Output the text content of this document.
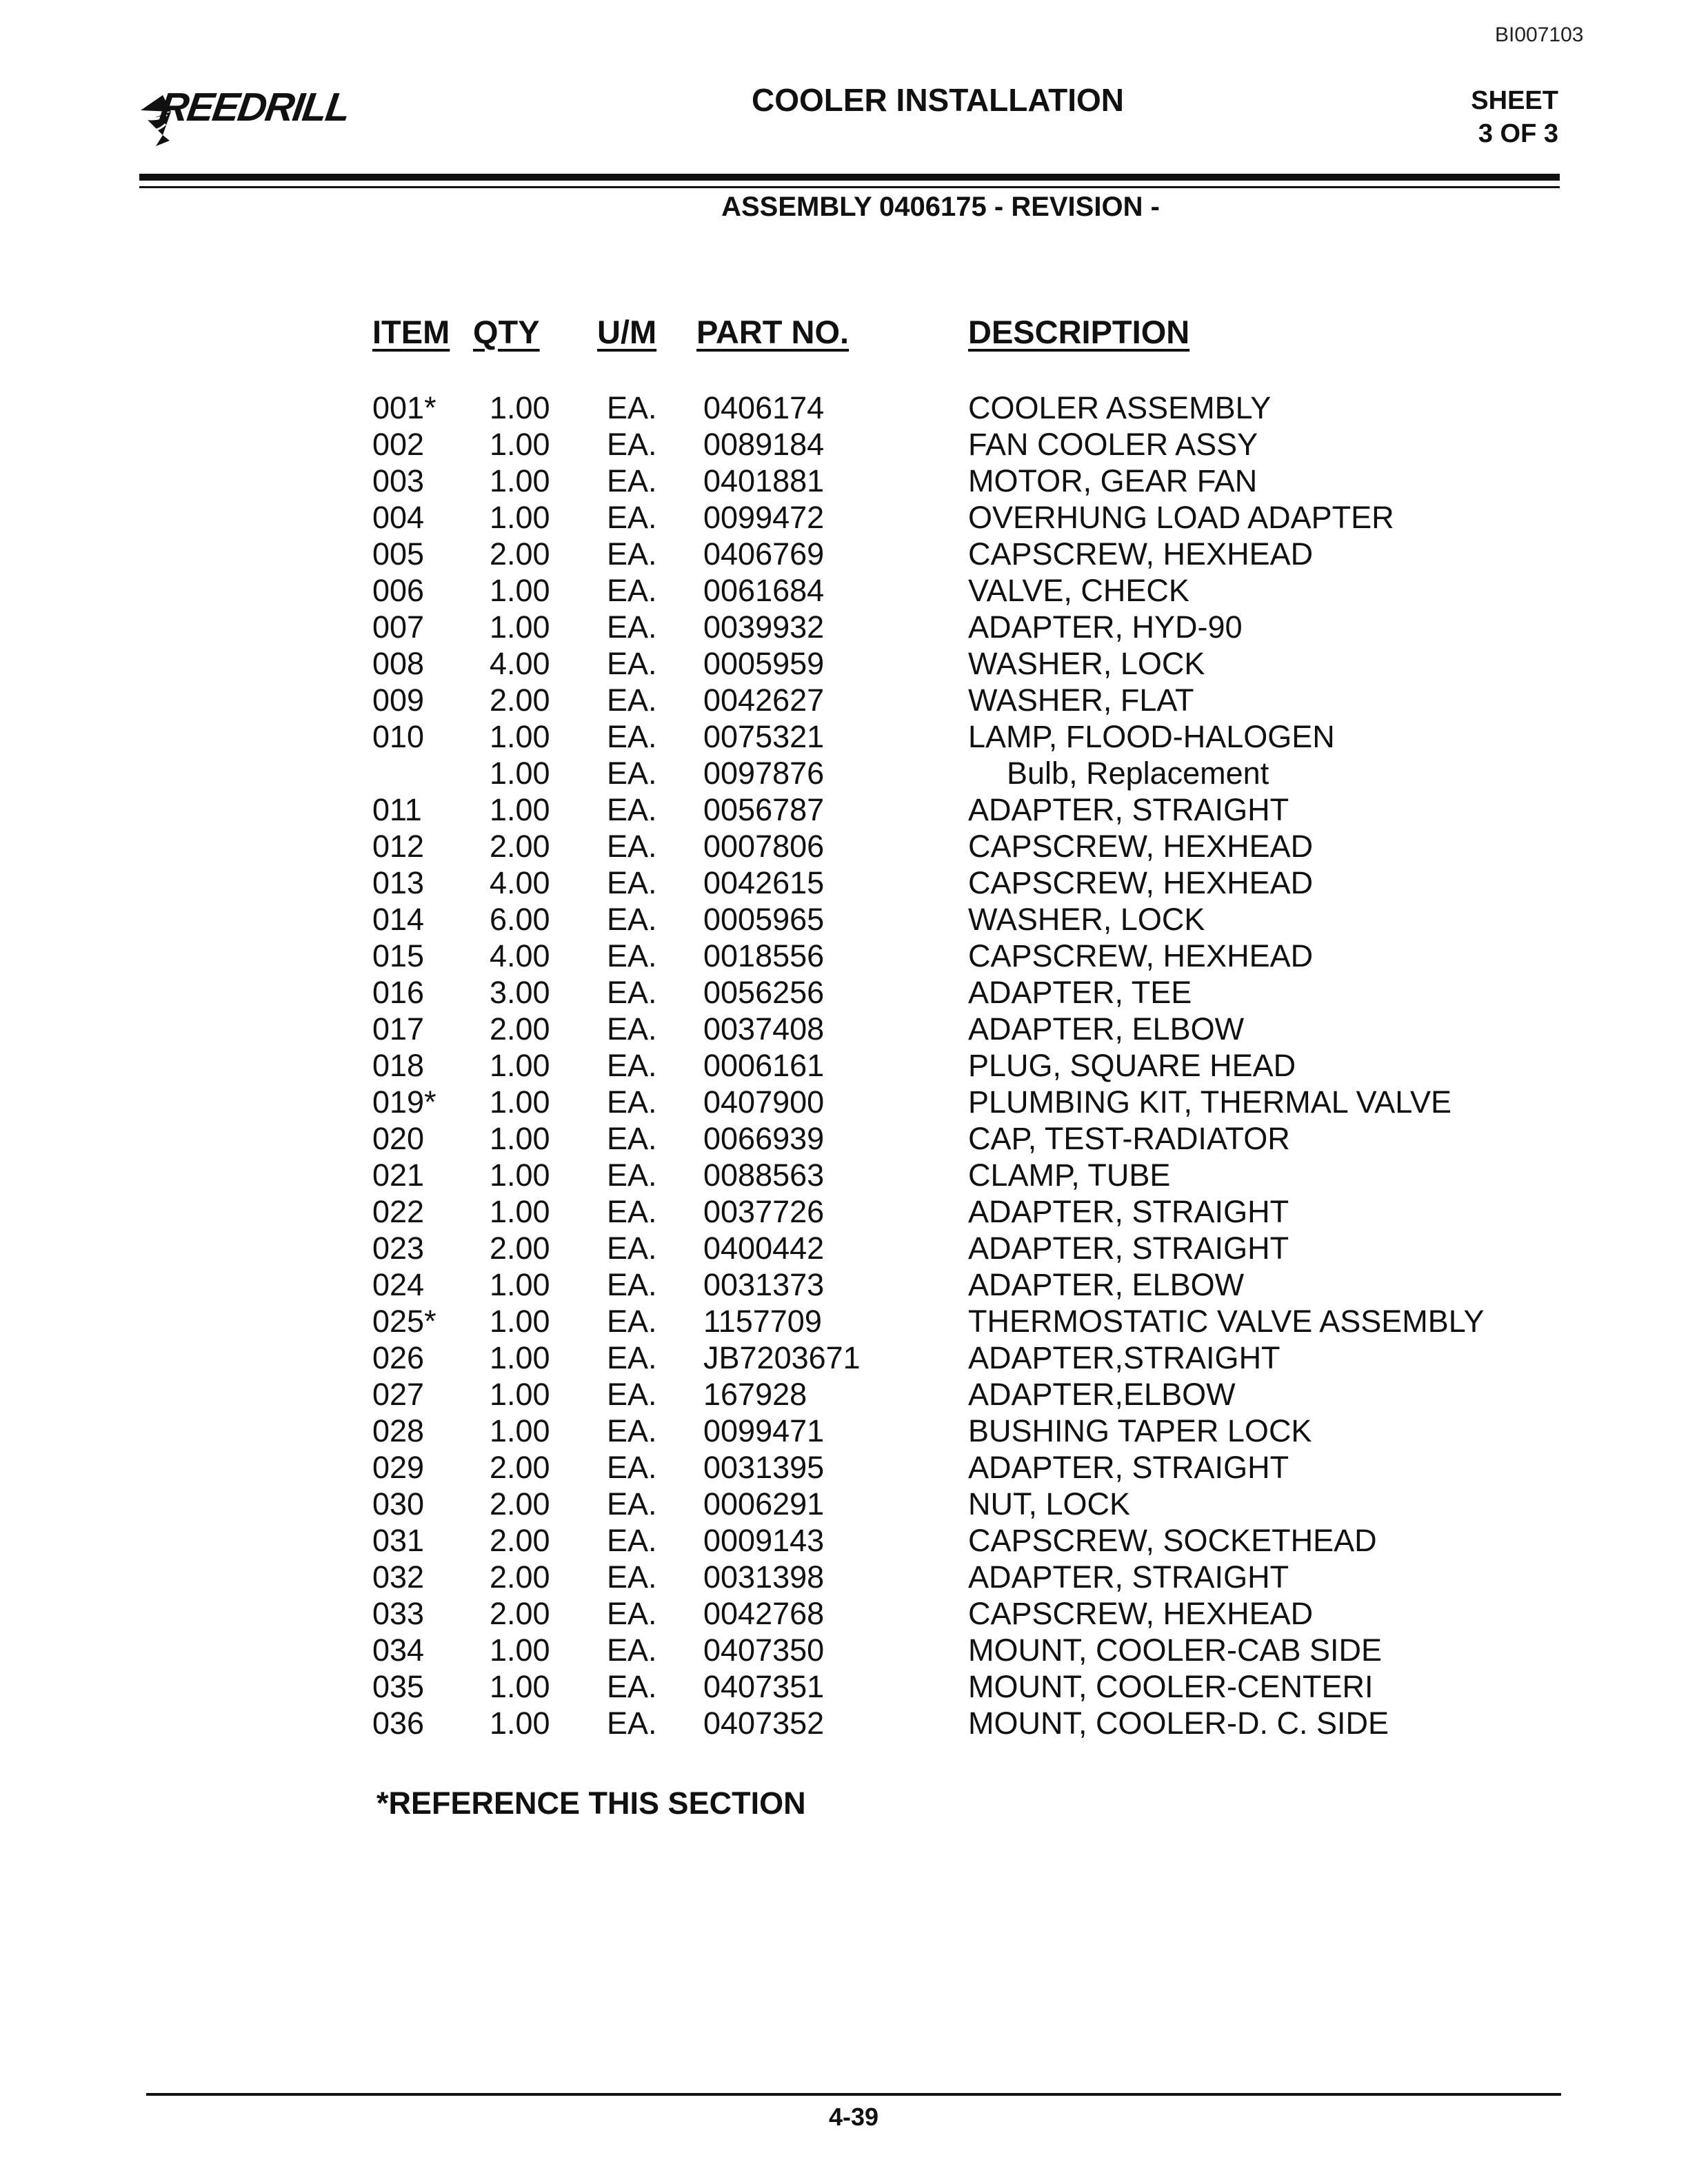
BI007103
REEDRILL	COOLER INSTALLATION	SHEET
3 OF 3
ASSEMBLY 0406175 - REVISION -
ITEM QTY U/M PART NO.	DESCRIPTION
001* 1.00 EA. 0406174	COOLER ASSEMBLY
002 1.00 EA. 0089184	FAN COOLER ASSY
003 1.00 EA. 0401881	MOTOR, GEAR FAN
004 1.00 EA. 0099472	OVERHUNG LOAD ADAPTER
005 2.00 EA. 0406769	CAPSCREW, HEXHEAD
006 1.00 EA. 0061684	VALVE, CHECK
007 1.00 EA. 0039932	ADAPTER, HYD-90
008 4.00 EA. 0005959	WASHER, LOCK
009 2.00 EA. 0042627	WASHER, FLAT
010 1.00 EA. 0075321	LAMP, FLOOD-HALOGEN
1.00 EA. 0097876	Bulb, Replacement
011 1.00 EA. 0056787	ADAPTER, STRAIGHT
012 2.00 EA. 0007806	CAPSCREW, HEXHEAD
013 4.00 EA. 0042615	CAPSCREW, HEXHEAD
014 6.00 EA. 0005965	WASHER, LOCK
015 4.00 EA. 0018556	CAPSCREW, HEXHEAD
016 3.00 EA. 0056256	ADAPTER, TEE
017 2.00 EA. 0037408	ADAPTER, ELBOW
018 1.00 EA. 0006161	PLUG, SQUARE HEAD
019* 1.00 EA. 0407900	PLUMBING KIT, THERMAL VALVE
020 1.00 EA. 0066939	CAP, TEST-RADIATOR
021 1.00 EA. 0088563	CLAMP, TUBE
022 1.00 EA. 0037726	ADAPTER, STRAIGHT
023 2.00 EA. 0400442	ADAPTER, STRAIGHT
024 1.00 EA. 0031373	ADAPTER, ELBOW
025* 1.00 EA. 1157709	THERMOSTATIC VALVE ASSEMBLY
026 1.00 EA. JB7203671	ADAPTER,STRAIGHT
027 1.00 EA. 167928	ADAPTER,ELBOW
028 1.00 EA. 0099471	BUSHING TAPER LOCK
029 2.00 EA. 0031395	ADAPTER, STRAIGHT
030 2.00 EA. 0006291	NUT, LOCK
031 2.00 EA. 0009143	CAPSCREW, SOCKETHEAD
032 2.00 EA. 0031398	ADAPTER, STRAIGHT
033 2.00 EA. 0042768	CAPSCREW, HEXHEAD
034 1.00 EA. 0407350	MOUNT, COOLER-CAB SIDE
035 1.00 EA. 0407351	MOUNT, COOLER-CENTERI
036 1.00 EA. 0407352	MOUNT, COOLER-D. C. SIDE
*REFERENCE THIS SECTION
4-39
